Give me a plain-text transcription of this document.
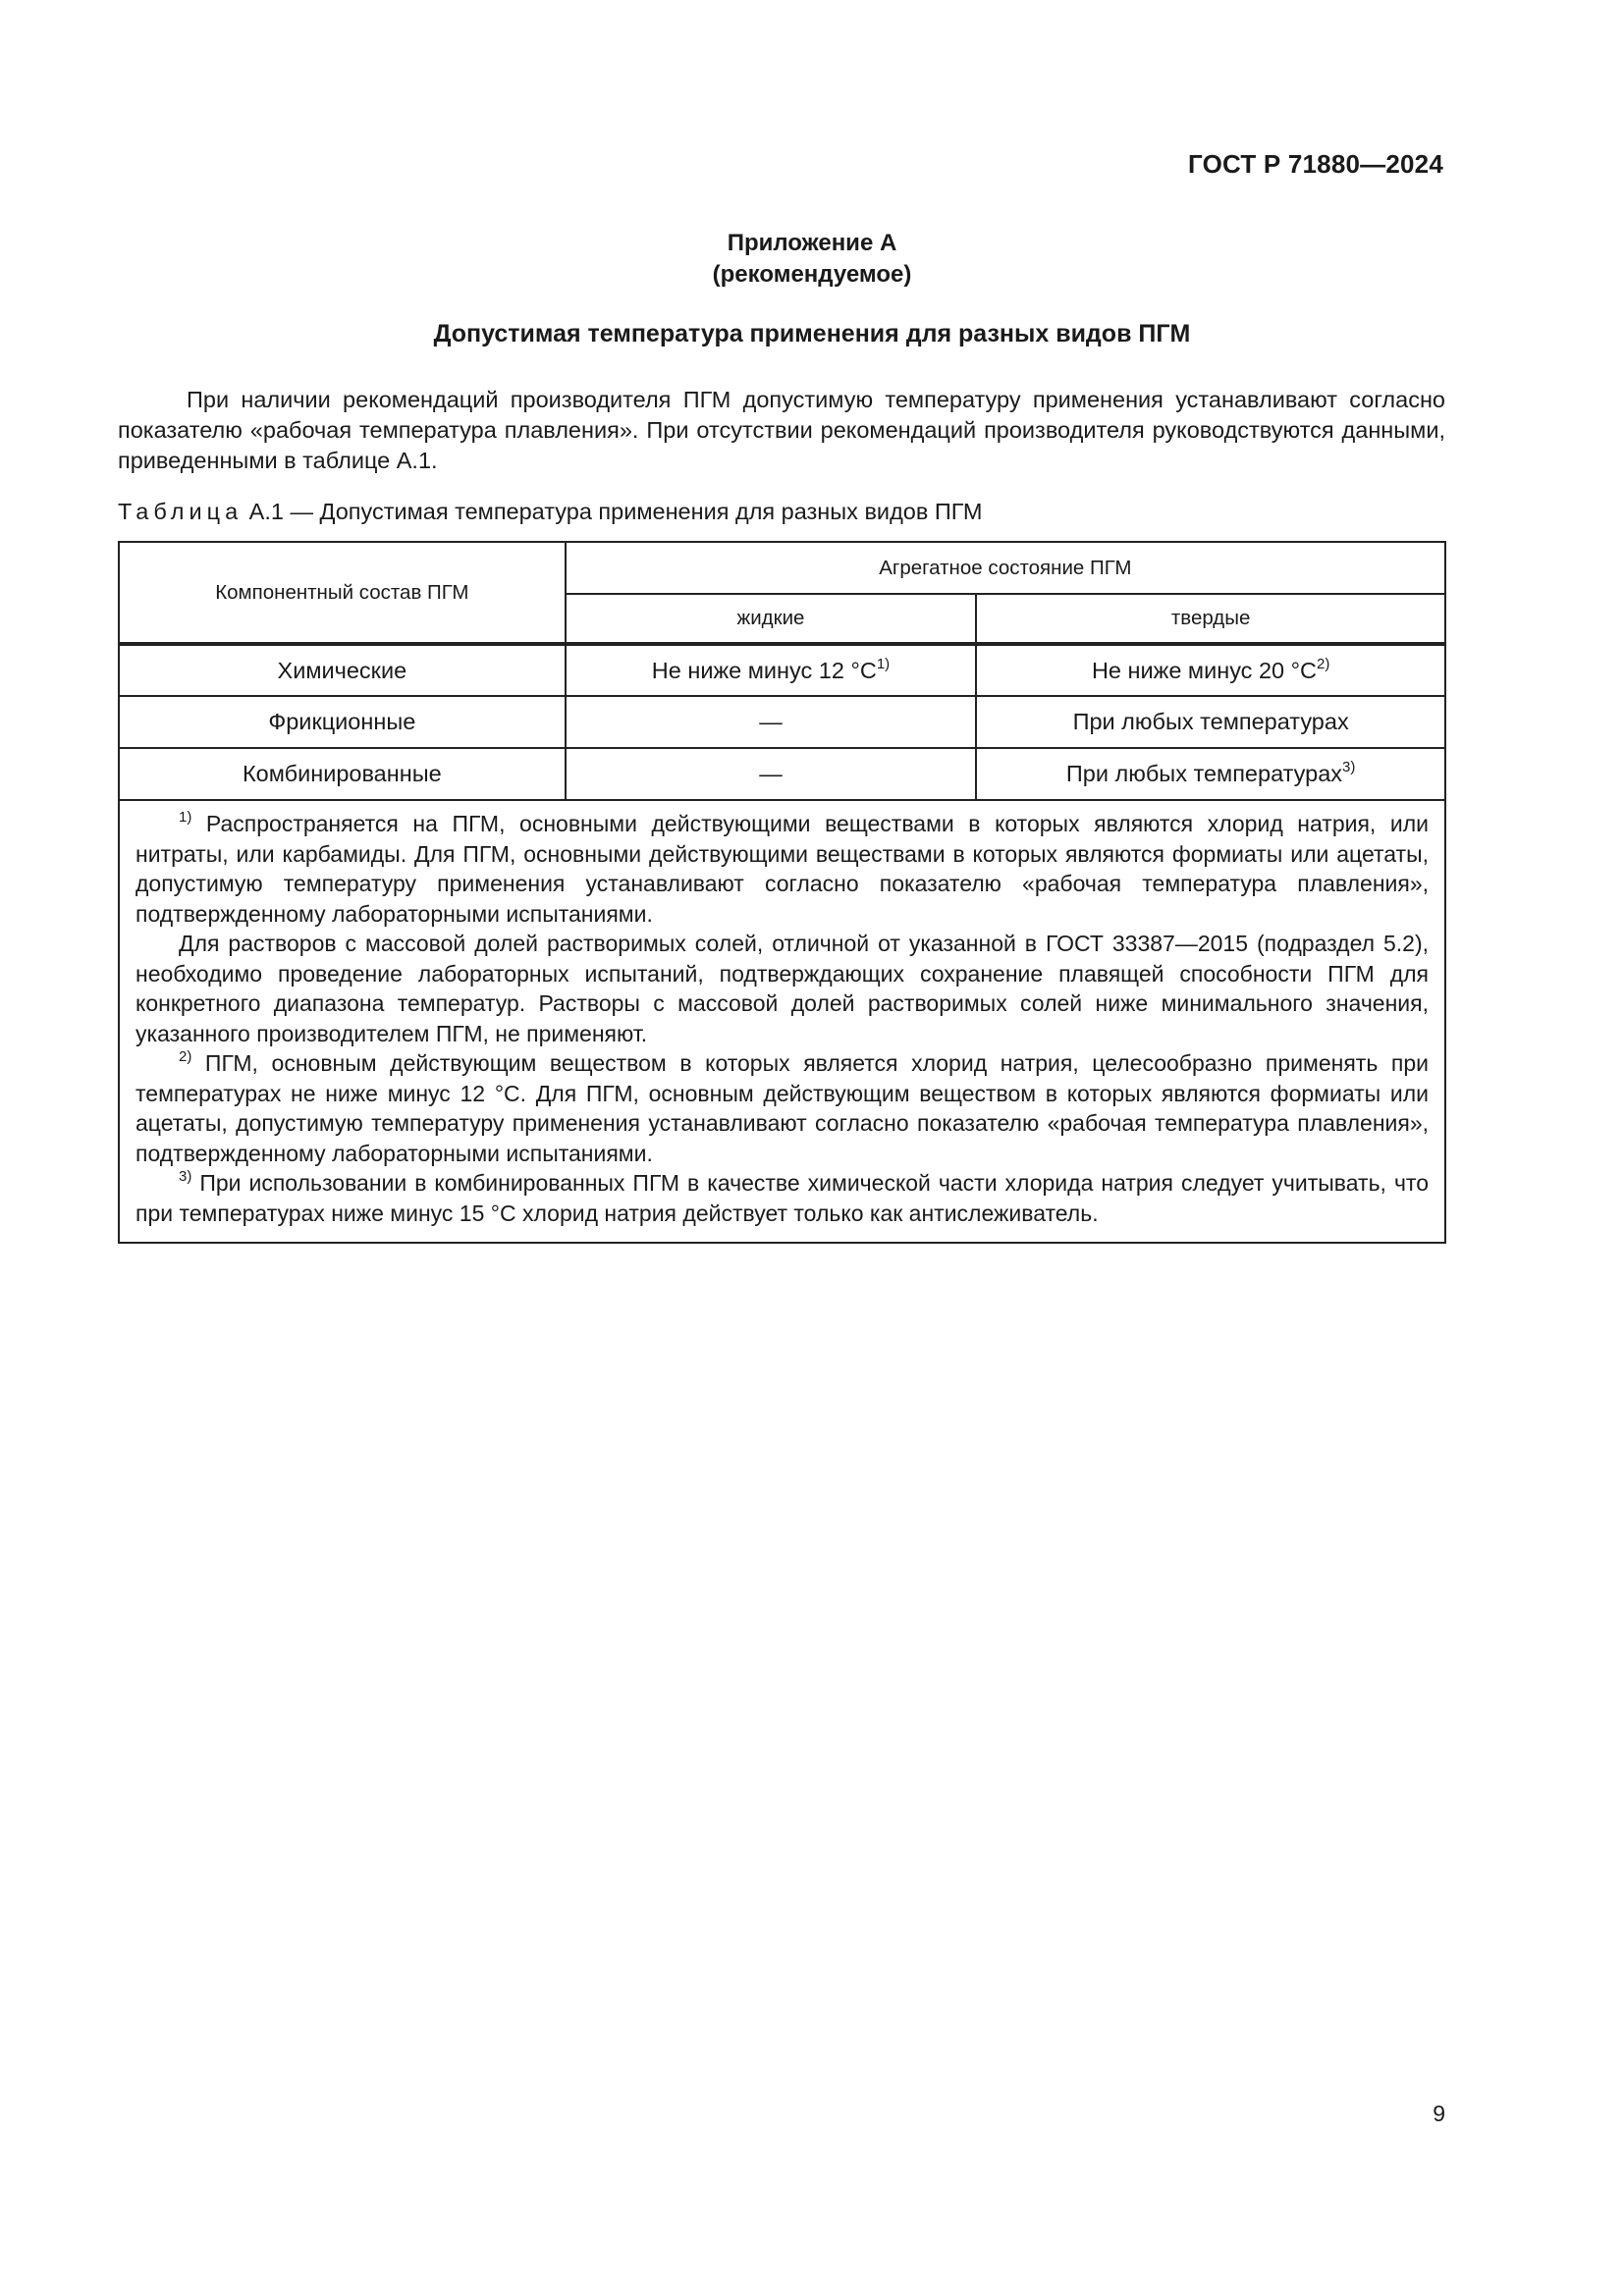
ГОСТ Р 71880—2024
Приложение А
(рекомендуемое)
Допустимая температура применения для разных видов ПГМ

При наличии рекомендаций производителя ПГМ допустимую температуру применения устанавливают согласно показателю «рабочая температура плавления». При отсутствии рекомендаций производителя руководствуются данными, приведенными в таблице А.1.

Таблица А.1 — Допустимая температура применения для разных видов ПГМ
Компонентный состав ПГМ	Агрегатное состояние ПГМ	
	жидкие	твердые
Химические	Не ниже минус 12 $^\circ С^{1)}$	Не ниже минус 20 $^\circ С^{2)}$
Фрикционные	—	При любых температурах
Комбинированные	—	При любых температурах$^{3)}$

$^{1)}$ Распространяется на ПГМ, основными действующими веществами в которых являются хлорид натрия, или нитраты, или карбамиды. Для ПГМ, основными действующими веществами в которых являются формиаты или ацетаты, допустимую температуру применения устанавливают согласно показателю «рабочая температура плавления», подтвержденному лабораторными испытаниями.

Для растворов с массовой долей растворимых солей, отличной от указанной в ГОСТ 33387—2015 (подраздел 5.2), необходимо проведение лабораторных испытаний, подтверждающих сохранение плавящей способности ПГМ для конкретного диапазона температур. Растворы с массовой долей растворимых солей ниже минимального значения, указанного производителем ПГМ, не применяют.

$^{2)}$ ПГМ, основным действующим веществом в которых является хлорид натрия, целесообразно применять при температурах не ниже минус 12 °С. Для ПГМ, основным действующим веществом в которых являются формиаты или ацетаты, допустимую температуру применения устанавливают согласно показателю «рабочая температура плавления», подтвержденному лабораторными испытаниями.

$^{3)}$ При использовании в комбинированных ПГМ в качестве химической части хлорида натрия следует учитывать, что при температурах ниже минус 15 °С хлорид натрия действует только как антислеживатель.		

9
